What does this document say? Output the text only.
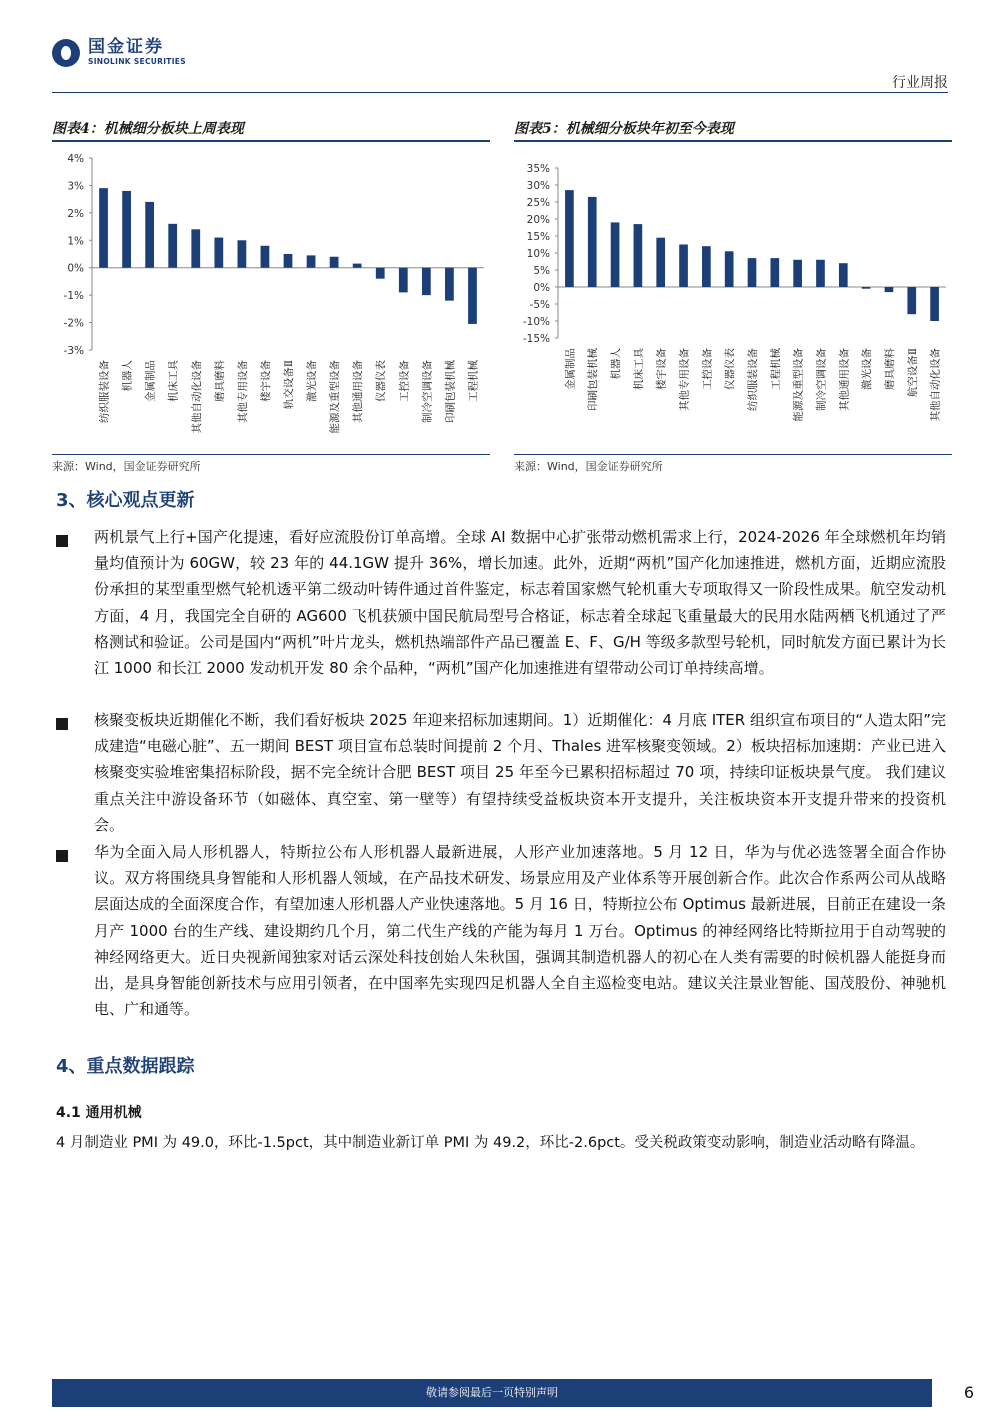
国金证券
SINOLINK SECURITIES
行业周报
图表4：机械细分板块上周表现
4%
3%
2%
1%
0%
-1%
-2%
-3%
纺织服装设备 机器人 金属制品 机床工具 其他自动化设备 磨具磨料 其他专用设备 楼宇设备 轨交设备Ⅱ 激光设备 能源及重型设备 其他通用设备 仪器仪表 工控设备 制冷空调设备 印刷包装机械 工程机械
来源：Wind，国金证券研究所
图表5：机械细分板块年初至今表现
35%
30%
25%
20%
15%
10%
5%
0%
-5%
-10%
-15%
金属制品 印刷包装机械 机器人 机床工具 楼宇设备 其他专用设备 工控设备 仪器仪表 纺织服装设备 工程机械 能源及重型设备 制冷空调设备 其他通用设备 激光设备 磨具磨料 航空设备Ⅱ 其他自动化设备
来源：Wind，国金证券研究所
3、核心观点更新
两机景气上行+国产化提速，看好应流股份订单高增。全球 AI 数据中心扩张带动燃机需求上行，2024-2026 年全球燃机年均销量均值预计为 60GW，较 23 年的 44.1GW 提升 36%，增长加速。此外，近期“两机”国产化加速推进，燃机方面，近期应流股份承担的某型重型燃气轮机透平第二级动叶铸件通过首件鉴定，标志着国家燃气轮机重大专项取得又一阶段性成果。航空发动机方面，4 月，我国完全自研的 AG600 飞机获颁中国民航局型号合格证，标志着全球起飞重量最大的民用水陆两栖飞机通过了严格测试和验证。公司是国内“两机”叶片龙头，燃机热端部件产品已覆盖 E、F、G/H 等级多款型号轮机，同时航发方面已累计为长江 1000 和长江 2000 发动机开发 80 余个品种，“两机”国产化加速推进有望带动公司订单持续高增。
核聚变板块近期催化不断，我们看好板块 2025 年迎来招标加速期间。1）近期催化：4 月底 ITER 组织宣布项目的“人造太阳”完成建造“电磁心脏”、五一期间 BEST 项目宣布总装时间提前 2 个月、Thales 进军核聚变领域。2）板块招标加速期：产业已进入核聚变实验堆密集招标阶段，据不完全统计合肥 BEST 项目 25 年至今已累积招标超过 70 项，持续印证板块景气度。 我们建议重点关注中游设备环节（如磁体、真空室、第一壁等）有望持续受益板块资本开支提升，关注板块资本开支提升带来的投资机会。
华为全面入局人形机器人，特斯拉公布人形机器人最新进展，人形产业加速落地。5 月 12 日，华为与优必选签署全面合作协议。双方将围绕具身智能和人形机器人领域，在产品技术研发、场景应用及产业体系等开展创新合作。此次合作系两公司从战略层面达成的全面深度合作，有望加速人形机器人产业快速落地。5 月 16 日，特斯拉公布 Optimus 最新进展，目前正在建设一条月产 1000 台的生产线、建设期约几个月，第二代生产线的产能为每月 1 万台。Optimus 的神经网络比特斯拉用于自动驾驶的神经网络更大。近日央视新闻独家对话云深处科技创始人朱秋国，强调其制造机器人的初心在人类有需要的时候机器人能挺身而出，是具身智能创新技术与应用引领者，在中国率先实现四足机器人全自主巡检变电站。建议关注景业智能、国茂股份、神驰机电、广和通等。
4、重点数据跟踪
4.1 通用机械
4 月制造业 PMI 为 49.0，环比-1.5pct，其中制造业新订单 PMI 为 49.2，环比-2.6pct。受关税政策变动影响，制造业活动略有降温。
敬请参阅最后一页特别声明	6
